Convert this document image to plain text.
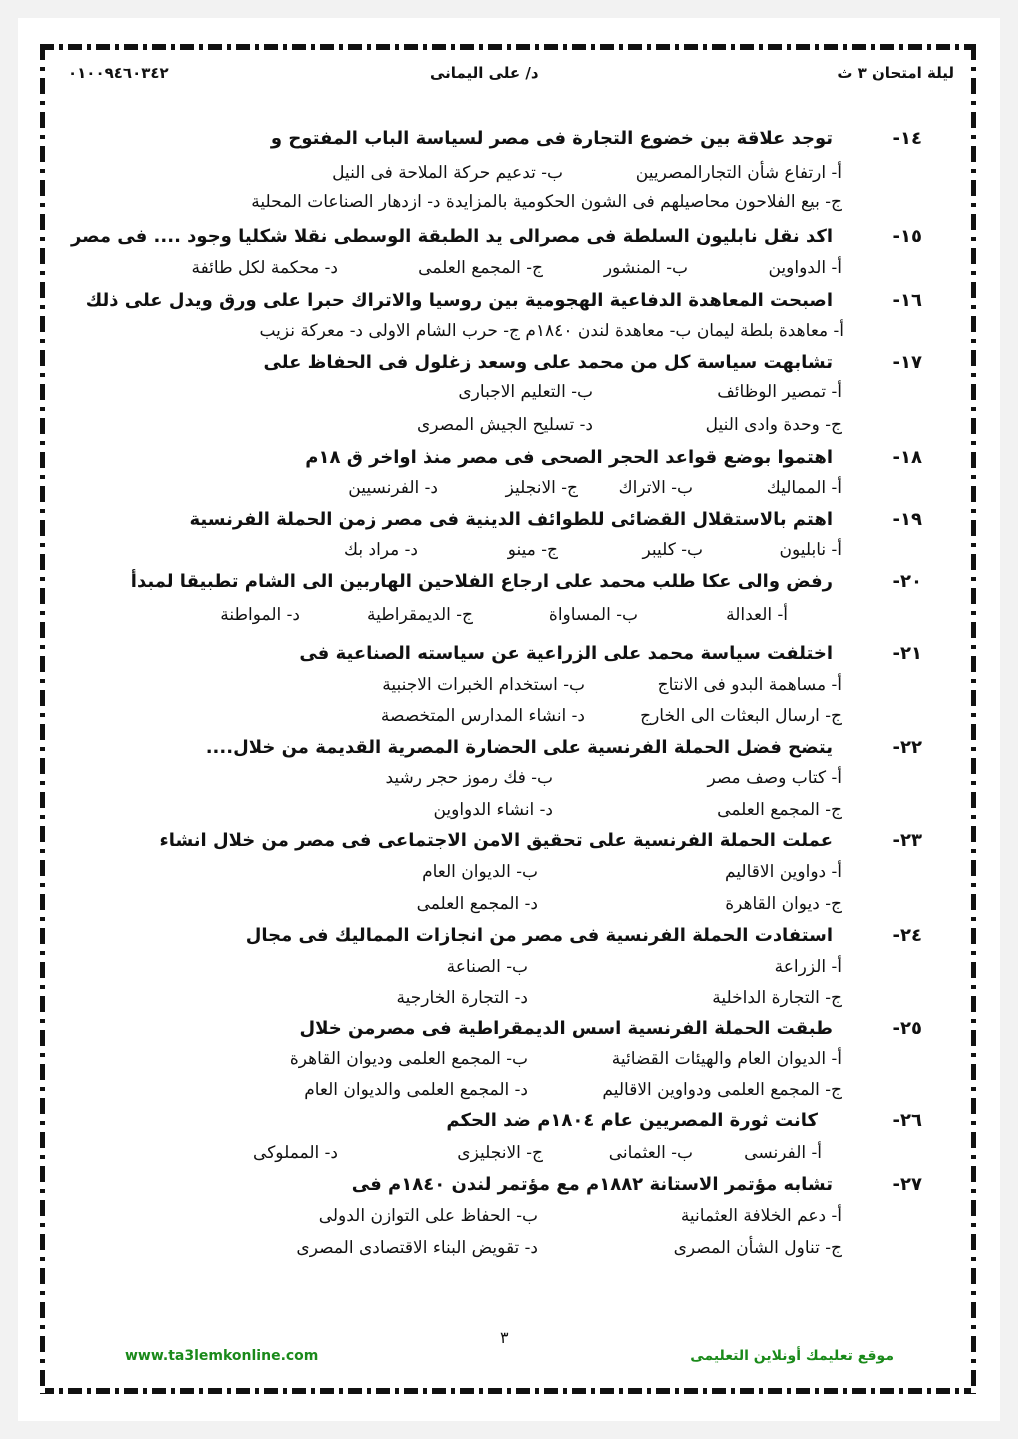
ليلة امتحان ٣ ث
د/ على اليمانى
٠١٠٠٩٤٦٠٣٤٢
-١٤
توجد علاقة بين خضوع التجارة فى مصر لسياسة الباب المفتوح و
أ- ارتفاع شأن التجارالمصريين
ب- تدعيم حركة الملاحة فى النيل
ج- بيع الفلاحون محاصيلهم فى الشون الحكومية بالمزايدة د- ازدهار الصناعات المحلية
-١٥
اكد نقل نابليون السلطة فى مصرالى يد الطبقة الوسطى نقلا شكليا وجود .... فى مصر
أ- الدواوين
ب- المنشور
ج- المجمع العلمى
د- محكمة لكل طائفة
-١٦
اصبحت المعاهدة الدفاعية الهجومية بين روسيا والاتراك حبرا على ورق ويدل على ذلك
أ- معاهدة بلطة ليمان ب- معاهدة لندن ١٨٤٠م ج- حرب الشام الاولى د- معركة نزيب
-١٧
تشابهت سياسة كل من محمد على وسعد زغلول فى الحفاظ على
أ- تمصير الوظائف
ب- التعليم الاجبارى
ج- وحدة وادى النيل
د- تسليح الجيش المصرى
-١٨
اهتموا بوضع قواعد الحجر الصحى فى مصر منذ اواخر ق ١٨م
أ- المماليك
ب- الاتراك
ج- الانجليز
د- الفرنسيين
-١٩
اهتم بالاستقلال القضائى للطوائف الدينية فى مصر زمن الحملة الفرنسية
أ- نابليون
ب- كليبر
ج- مينو
د- مراد بك
-٢٠
رفض والى عكا طلب محمد على ارجاع الفلاحين الهاربين الى الشام تطبيقا لمبدأ
أ- العدالة
ب- المساواة
ج- الديمقراطية
د- المواطنة
-٢١
اختلفت سياسة محمد على الزراعية عن سياسته الصناعية فى
أ- مساهمة البدو فى الانتاج
ب- استخدام الخبرات الاجنبية
ج- ارسال البعثات الى الخارج
د- انشاء المدارس المتخصصة
-٢٢
يتضح فضل الحملة الفرنسية على الحضارة المصرية القديمة من خلال....
أ- كتاب وصف مصر
ب- فك رموز حجر رشيد
ج- المجمع العلمى
د- انشاء الدواوين
-٢٣
عملت الحملة الفرنسية على تحقيق الامن الاجتماعى فى مصر من خلال انشاء
أ- دواوين الاقاليم
ب- الديوان العام
ج- ديوان القاهرة
د- المجمع العلمى
-٢٤
استفادت الحملة الفرنسية فى مصر من انجازات المماليك فى مجال
أ- الزراعة
ب- الصناعة
ج- التجارة الداخلية
د- التجارة الخارجية
-٢٥
طبقت الحملة الفرنسية اسس الديمقراطية فى مصرمن خلال
أ- الديوان العام والهيئات القضائية
ب- المجمع العلمى وديوان القاهرة
ج- المجمع العلمى ودواوين الاقاليم
د- المجمع العلمى والديوان العام
-٢٦
كانت ثورة المصريين عام ١٨٠٤م ضد الحكم
أ- الفرنسى
ب- العثمانى
ج- الانجليزى
د- المملوكى
-٢٧
تشابه مؤتمر الاستانة ١٨٨٢م مع مؤتمر لندن ١٨٤٠م فى
أ- دعم الخلافة العثمانية
ب- الحفاظ على التوازن الدولى
ج- تناول الشأن المصرى
د- تقويض البناء الاقتصادى المصرى
٣
www.ta3lemkonline.com	موقع تعليمك أونلاين التعليمى
